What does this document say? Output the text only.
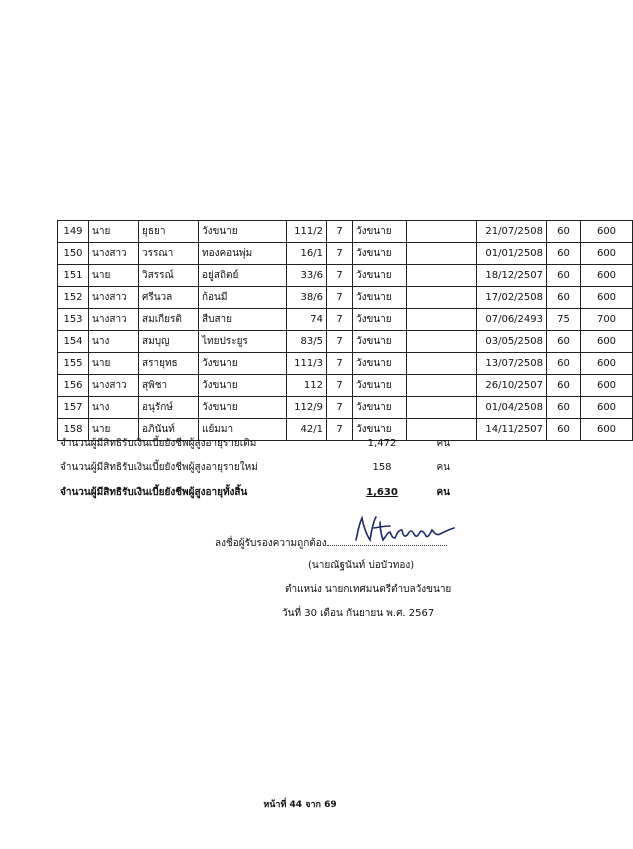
149	นาย	ยุธยา	วังขนาย	111/2	7	วังขนาย		21/07/2508	60	600
150	นางสาว	วรรณา	ทองคอนพุ่ม	16/1	7	วังขนาย		01/01/2508	60	600
151	นาย	วิสรรณ์	อยู่สถิตย์	33/6	7	วังขนาย		18/12/2507	60	600
152	นางสาว	ศรีนวล	ก้อนมี	38/6	7	วังขนาย		17/02/2508	60	600
153	นางสาว	สมเกียรติ	สืบสาย	74	7	วังขนาย		07/06/2493	75	700
154	นาง	สมบุญ	ไทยประยูร	83/5	7	วังขนาย		03/05/2508	60	600
155	นาย	สรายุทธ	วังขนาย	111/3	7	วังขนาย		13/07/2508	60	600
156	นางสาว	สุพิชา	วังขนาย	112	7	วังขนาย		26/10/2507	60	600
157	นาง	อนุรักษ์	วังขนาย	112/9	7	วังขนาย		01/04/2508	60	600
158	นาย	อภินันท์	แย้มมา	42/1	7	วังขนาย		14/11/2507	60	600
จำนวนผู้มีสิทธิรับเงินเบี้ยยังชีพผู้สูงอายุรายเดิม	1,472	คน
จำนวนผู้มีสิทธิรับเงินเบี้ยยังชีพผู้สูงอายุรายใหม่	158	คน
จำนวนผู้มีสิทธิรับเงินเบี้ยยังชีพผู้สูงอายุทั้งสิ้น	1,630	คน
ลงชื่อผู้รับรองความถูกต้อง
(นายณัฐนันท์ บ่อบัวทอง)
ตำแหน่ง นายกเทศมนตรีตำบลวังขนาย
วันที่ 30 เดือน กันยายน พ.ศ. 2567
หน้าที่ 44 จาก 69
